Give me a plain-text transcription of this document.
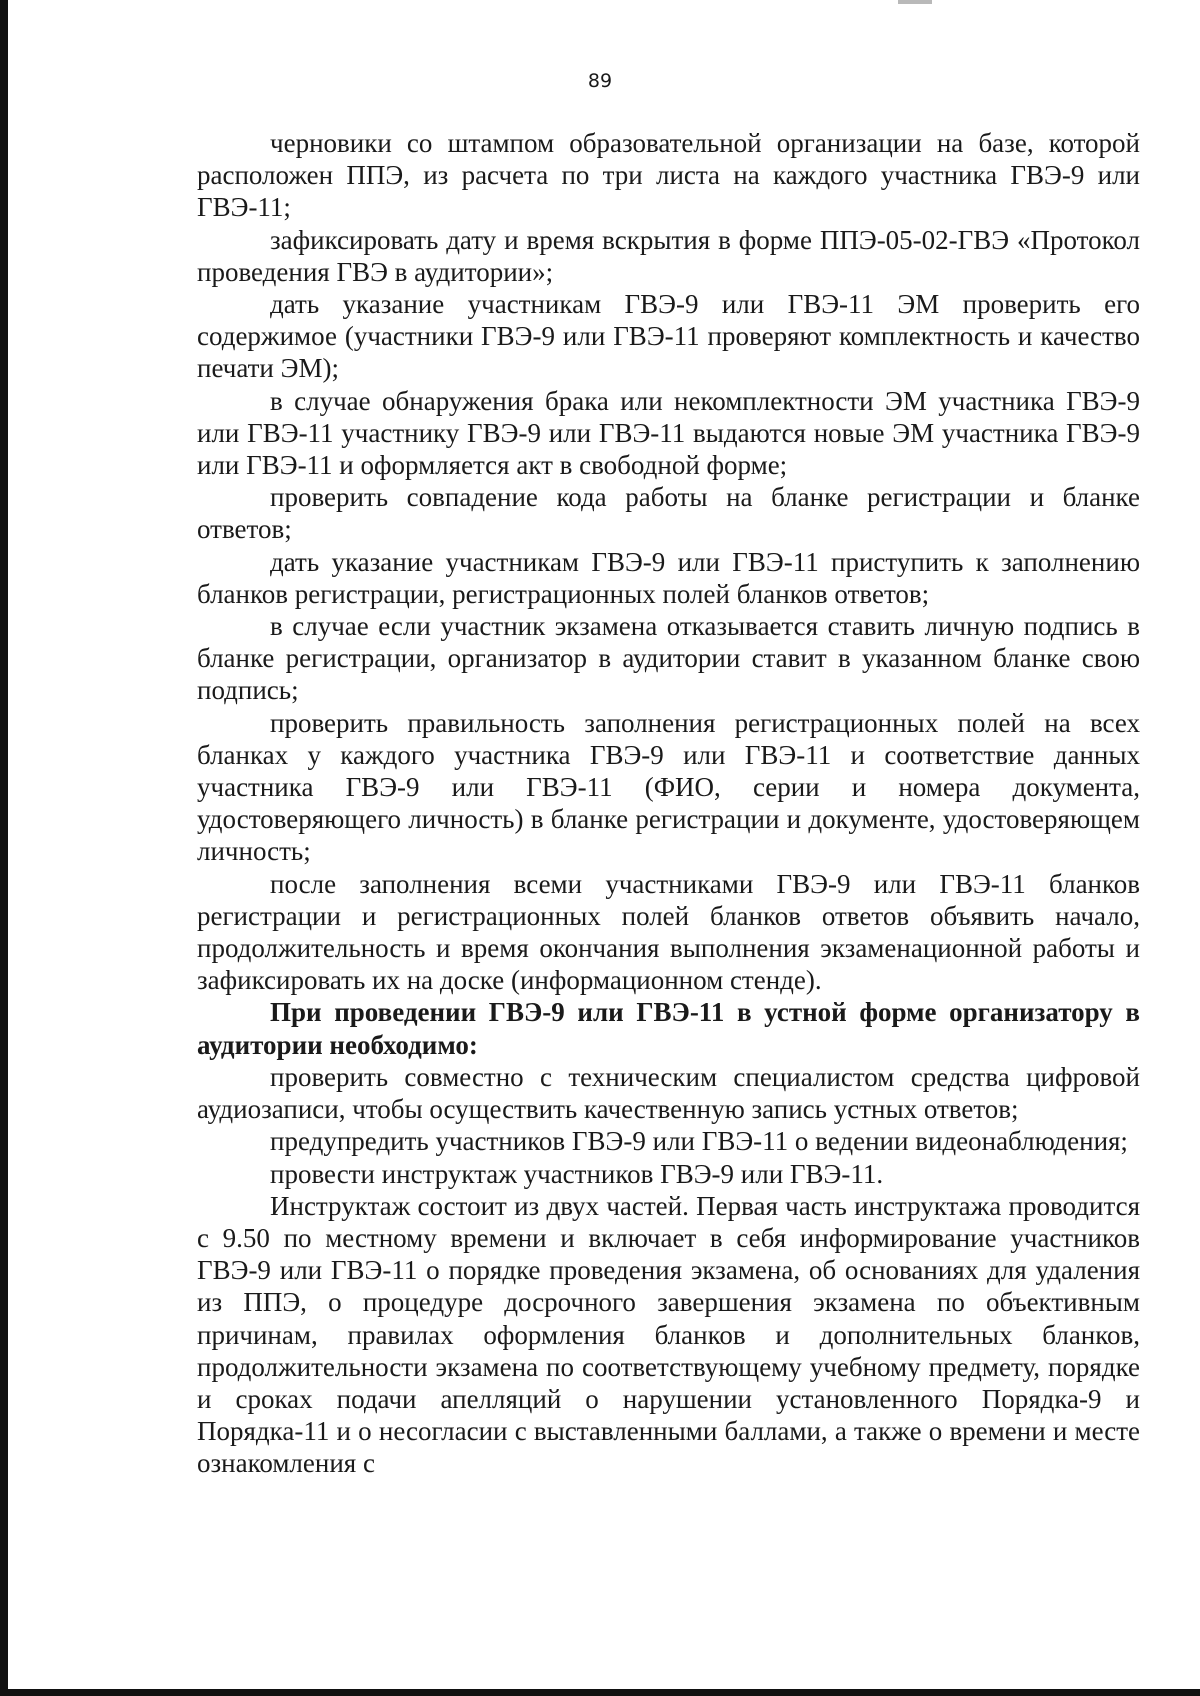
89

черновики со штампом образовательной организации на базе, которой расположен ППЭ, из расчета по три листа на каждого участника ГВЭ-9 или ГВЭ-11;

зафиксировать дату и время вскрытия в форме ППЭ-05-02-ГВЭ «Протокол проведения ГВЭ в аудитории»;

дать указание участникам ГВЭ-9 или ГВЭ-11 ЭМ проверить его содержимое (участники ГВЭ-9 или ГВЭ-11 проверяют комплектность и качество печати ЭМ);

в случае обнаружения брака или некомплектности ЭМ участника ГВЭ-9 или ГВЭ-11 участнику ГВЭ-9 или ГВЭ-11 выдаются новые ЭМ участника ГВЭ-9 или ГВЭ-11 и оформляется акт в свободной форме;

проверить совпадение кода работы на бланке регистрации и бланке ответов;

дать указание участникам ГВЭ-9 или ГВЭ-11 приступить к заполнению бланков регистрации, регистрационных полей бланков ответов;

в случае если участник экзамена отказывается ставить личную подпись в бланке регистрации, организатор в аудитории ставит в указанном бланке свою подпись;

проверить правильность заполнения регистрационных полей на всех бланках у каждого участника ГВЭ-9 или ГВЭ-11 и соответствие данных участника ГВЭ-9 или ГВЭ-11 (ФИО, серии и номера документа, удостоверяющего личность) в бланке регистрации и документе, удостоверяющем личность;

после заполнения всеми участниками ГВЭ-9 или ГВЭ-11 бланков регистрации и регистрационных полей бланков ответов объявить начало, продолжительность и время окончания выполнения экзаменационной работы и зафиксировать их на доске (информационном стенде).

При проведении ГВЭ-9 или ГВЭ-11 в устной форме организатору в аудитории необходимо:

проверить совместно с техническим специалистом средства цифровой аудиозаписи, чтобы осуществить качественную запись устных ответов;

предупредить участников ГВЭ-9 или ГВЭ-11 о ведении видеонаблюдения;

провести инструктаж участников ГВЭ-9 или ГВЭ-11.

Инструктаж состоит из двух частей. Первая часть инструктажа проводится с 9.50 по местному времени и включает в себя информирование участников ГВЭ-9 или ГВЭ-11 о порядке проведения экзамена, об основаниях для удаления из ППЭ, о процедуре досрочного завершения экзамена по объективным причинам, правилах оформления бланков и дополнительных бланков, продолжительности экзамена по соответствующему учебному предмету, порядке и сроках подачи апелляций о нарушении установленного Порядка-9 и Порядка-11 и о несогласии с выставленными баллами, а также о времени и месте ознакомления с
